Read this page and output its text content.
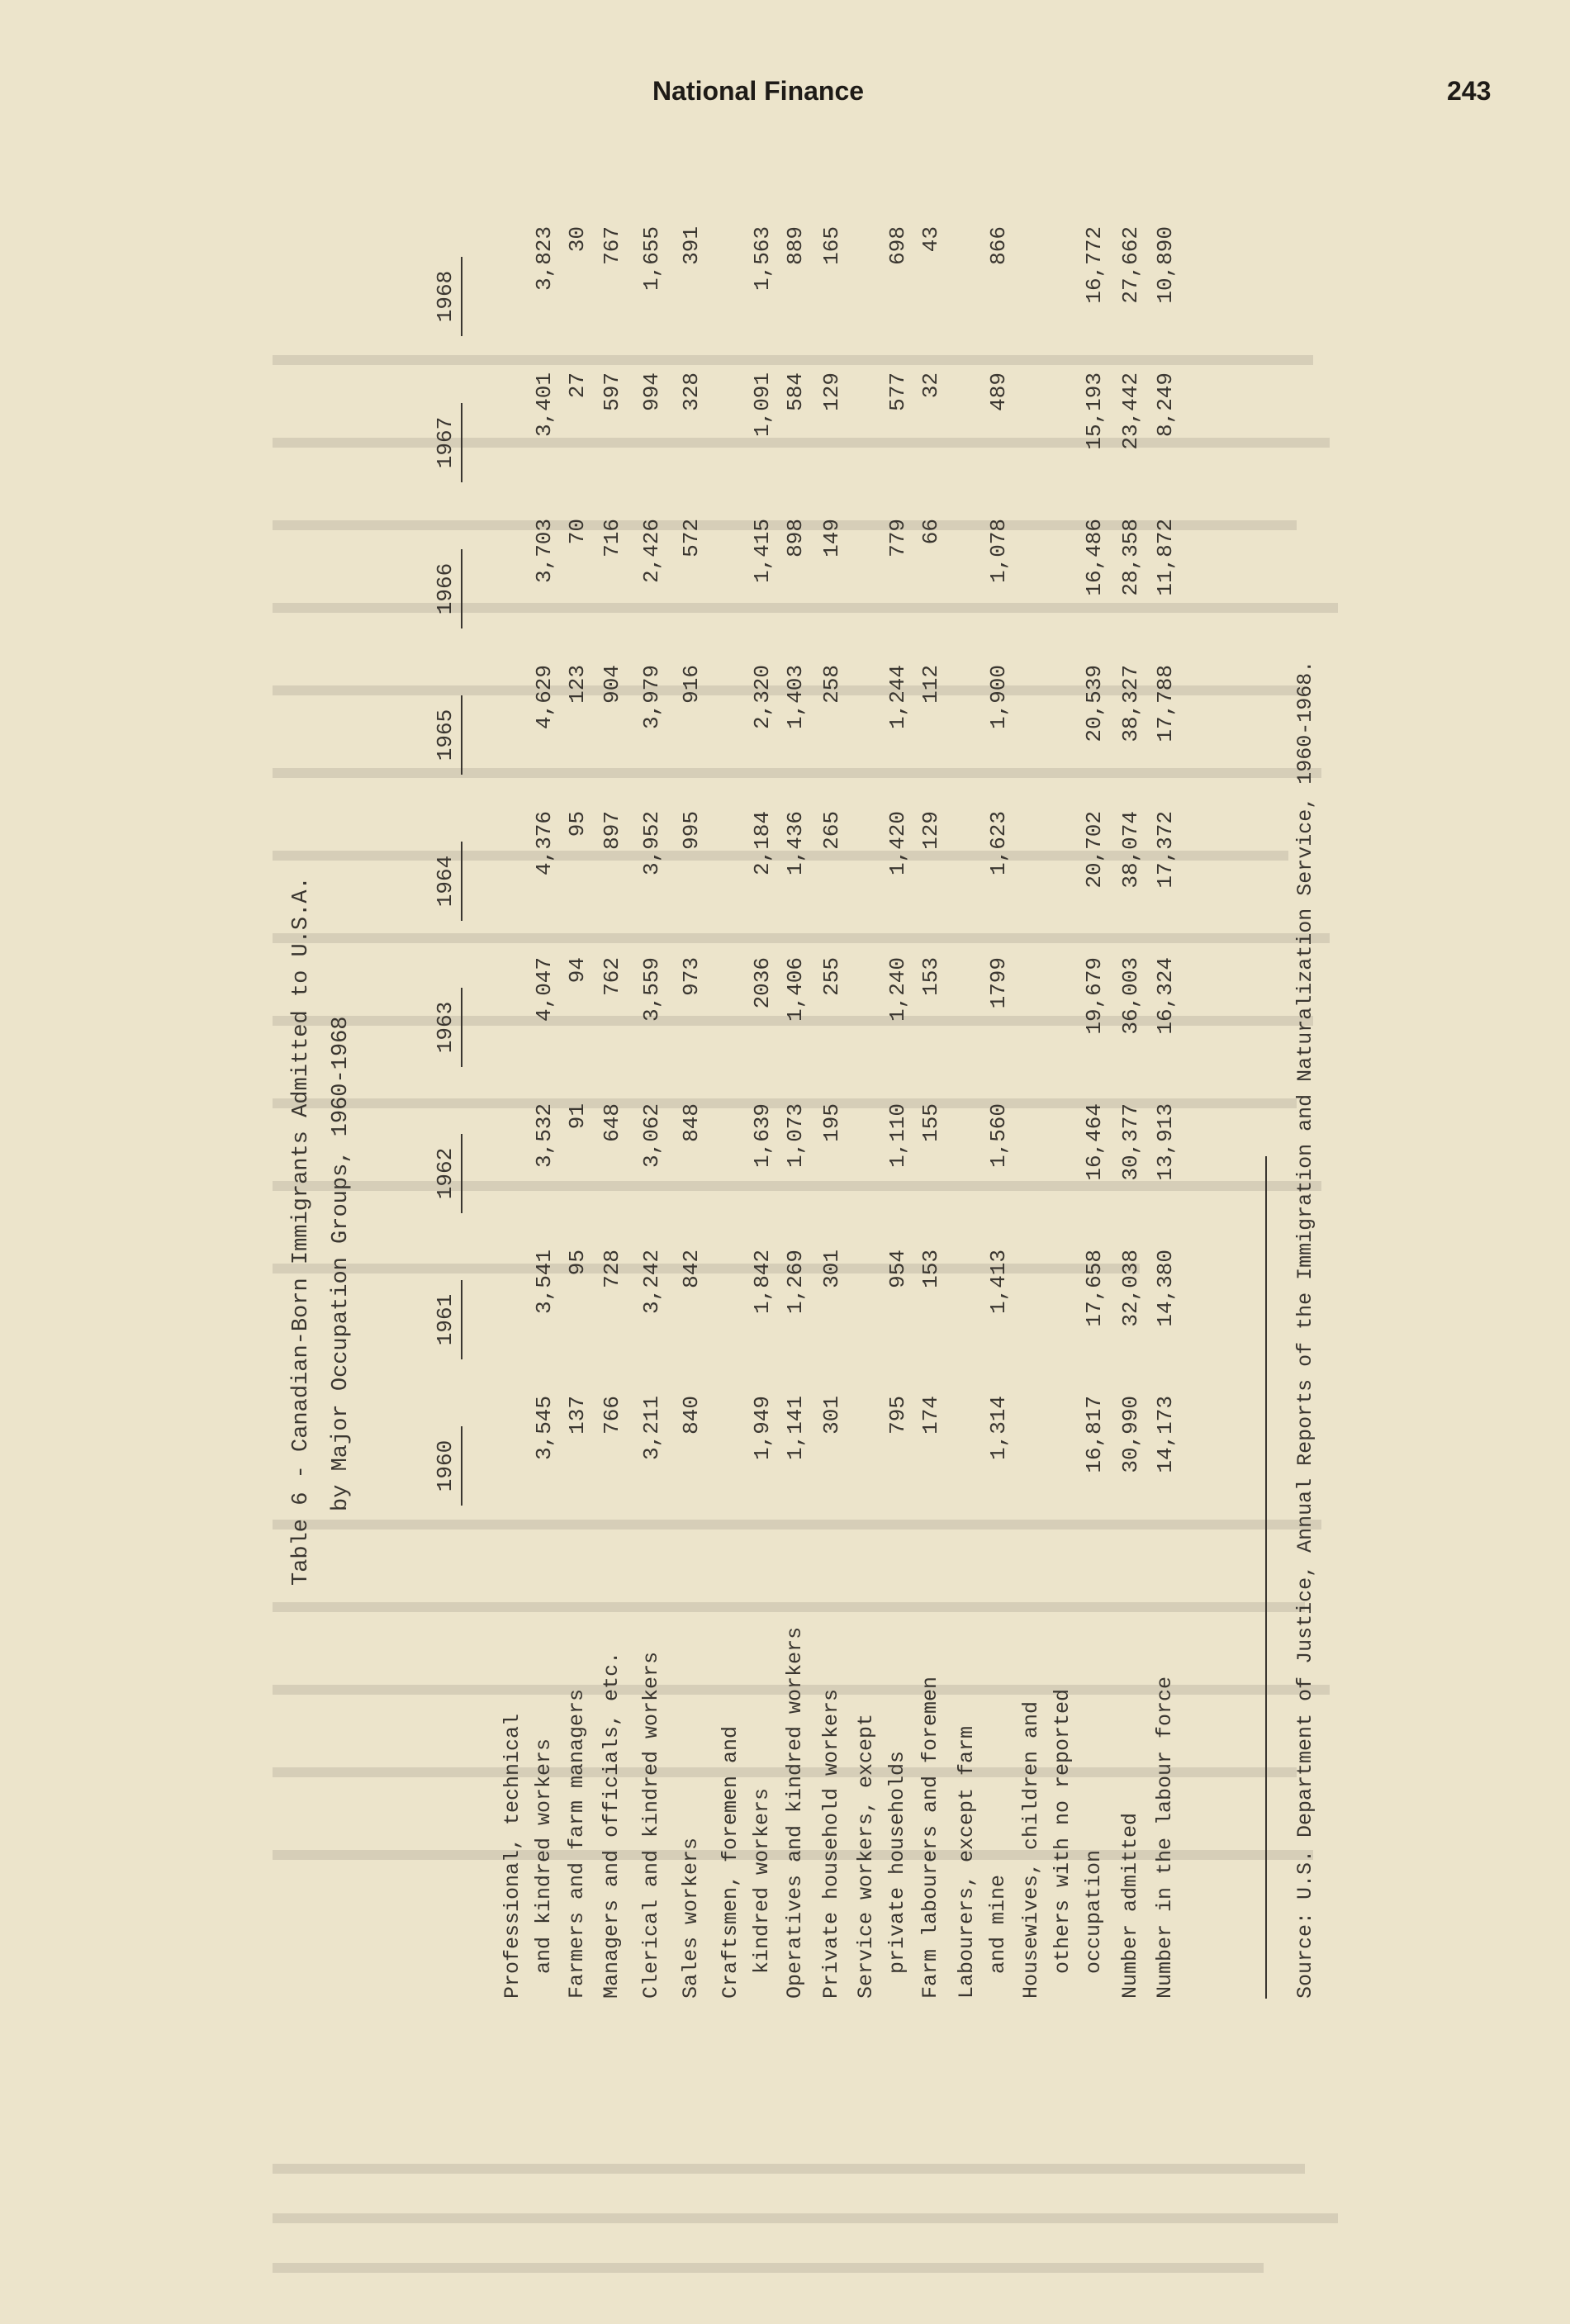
National Finance	243
Table 6 - Canadian-Born Immigrants Admitted to U.S.A. by Major Occupation Groups, 1960-1968	Source: U.S. Department of Justice, Annual Reports of the Immigration and Naturalization Service, 1960-1968.
1960
1961
1962
1963
1964
1965
1966
1967
1968
Professional, technical and kindred workers
3,545
3,541
3,532
4,047
4,376
4,629
3,703
3,401
3,823
Farmers and farm managers
137
95
91
94
95
123
70
27
30
Managers and officials, etc.
766
728
648
762
897
904
716
597
767
Clerical and kindred workers
3,211
3,242
3,062
3,559
3,952
3,979
2,426
994
1,655
Sales workers
840
842
848
973
995
916
572
328
391
Craftsmen, foremen and kindred workers
1,949
1,842
1,639
2036
2,184
2,320
1,415
1,091
1,563
Operatives and kindred workers
1,141
1,269
1,073
1,406
1,436
1,403
898
584
889
Private household workers
301
301
195
255
265
258
149
129
165
Service workers, except private households
795
954
1,110
1,240
1,420
1,244
779
577
698
Farm labourers and foremen
174
153
155
153
129
112
66
32
43
Labourers, except farm and mine
1,314
1,413
1,560
1799
1,623
1,900
1,078
489
866
Housewives, children and others with no reported occupation
16,817
17,658
16,464
19,679
20,702
20,539
16,486
15,193
16,772
Number admitted
30,990
32,038
30,377
36,003
38,074
38,327
28,358
23,442
27,662
Number in the labour force
14,173
14,380
13,913
16,324
17,372
17,788
11,872
8,249
10,890
